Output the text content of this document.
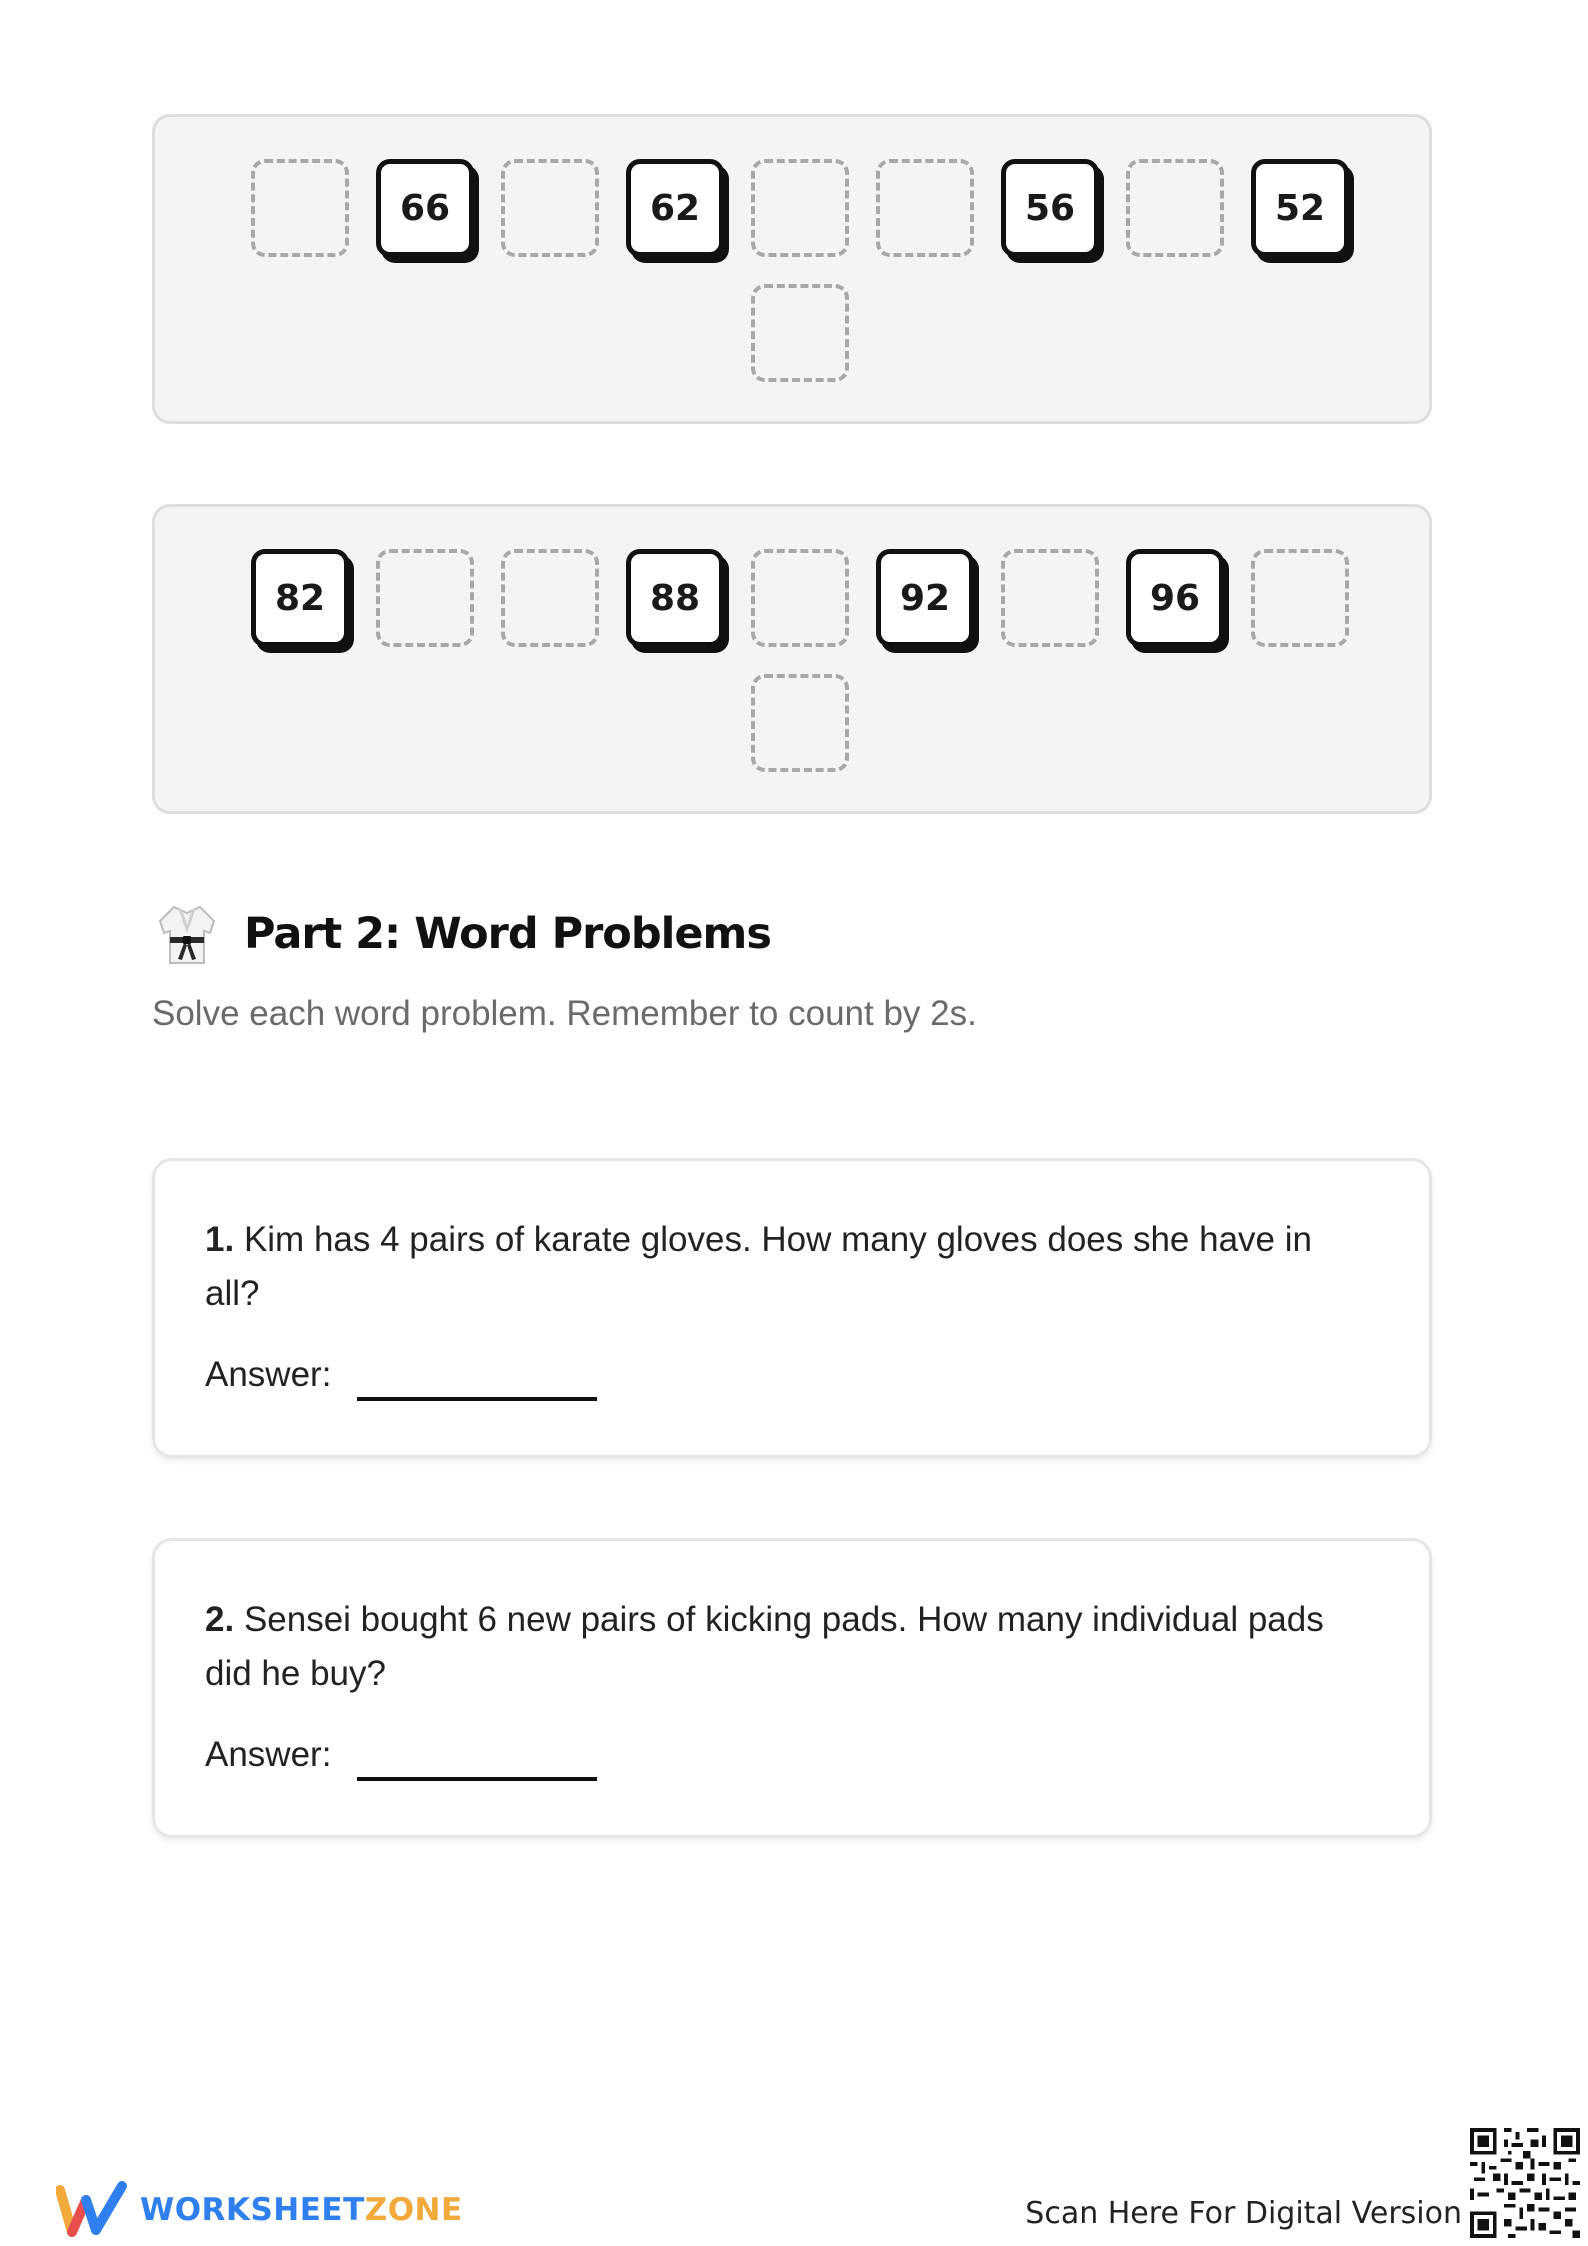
66	62	56	52
82	88	92	96
Part 2: Word Problems
Solve each word problem. Remember to count by 2s.
1. Kim has 4 pairs of karate gloves. How many gloves does she have in all?
Answer:
2. Sensei bought 6 new pairs of kicking pads. How many individual pads did he buy?
Answer:
WORKSHEETZONE	Scan Here For Digital Version
